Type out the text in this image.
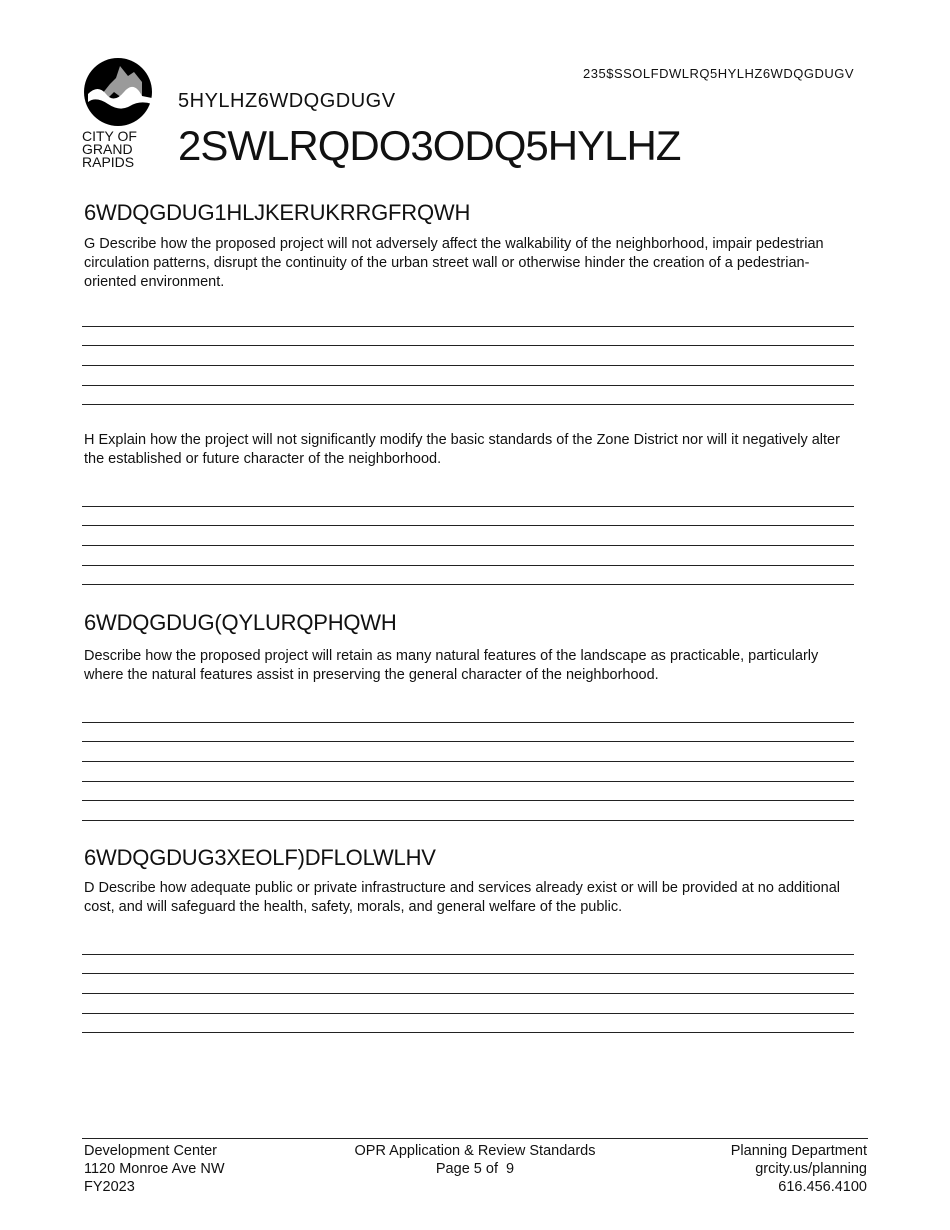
CITY OF
GRAND
RAPIDS
235$SSOLFDWLRQ5HYLHZ6WDQGDUGV
5HYLHZ6WDQGDUGV
2SWLRQDO3ODQ5HYLHZ
6WDQGDUG1HLJKERUKRRGFRQWH
G Describe how the proposed project will not adversely affect the walkability of the neighborhood, impair pedestrian circulation patterns, disrupt the continuity of the urban street wall or otherwise hinder the creation of a pedestrian-oriented environment.
H Explain how the project will not significantly modify the basic standards of the Zone District nor will it negatively alter the established or future character of the neighborhood.
6WDQGDUG(QYLURQPHQWH
Describe how the proposed project will retain as many natural features of the landscape as practicable, particularly where the natural features assist in preserving the general character of the neighborhood.
6WDQGDUG3XEOLF)DFLOLWLHV
D Describe how adequate public or private infrastructure and services already exist or will be provided at no additional cost, and will safeguard the health, safety, morals, and general welfare of the public.
Development Center
1120 Monroe Ave NW
FY2023
OPR Application & Review Standards
Page 5 of  9
Planning Department
grcity.us/planning
616.456.4100
